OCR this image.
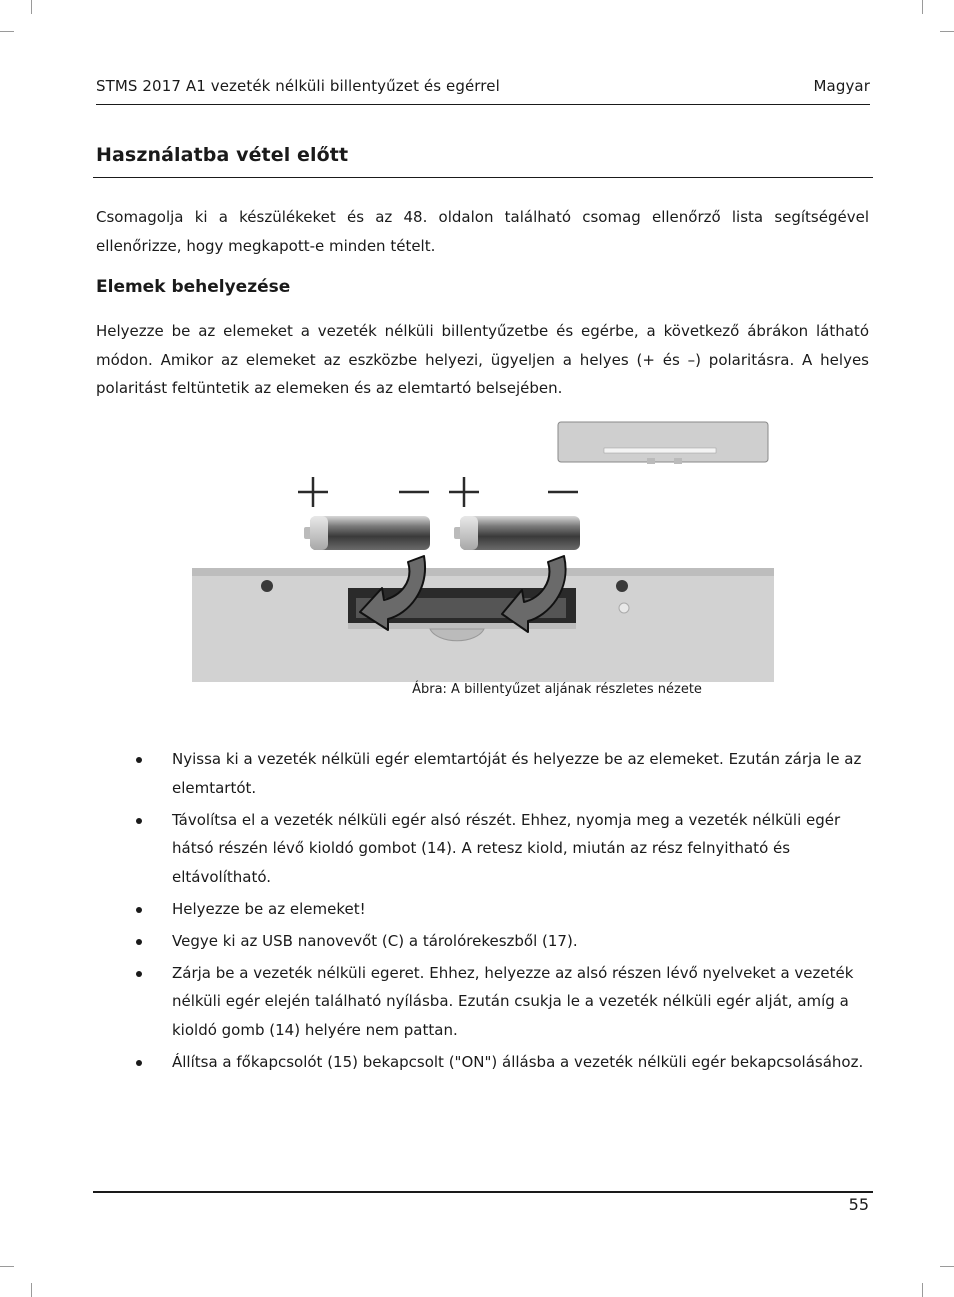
STMS 2017 A1 vezeték nélküli billentyűzet és egérrel	Magyar
Használatba vétel előtt
Csomagolja ki a készülékeket és az 48. oldalon található csomag ellenőrző lista segítségével ellenőrizze, hogy megkapott-e minden tételt.
Elemek behelyezése
Helyezze be az elemeket a vezeték nélküli billentyűzetbe és egérbe, a következő ábrákon látható módon. Amikor az elemeket az eszközbe helyezi, ügyeljen a helyes (+ és –) polaritásra. A helyes polaritást feltüntetik az elemeken és az elemtartó belsejében.
Ábra: A billentyűzet aljának részletes nézete
Nyissa ki a vezeték nélküli egér elemtartóját és helyezze be az elemeket. Ezután zárja le az elemtartót.
Távolítsa el a vezeték nélküli egér alsó részét. Ehhez, nyomja meg a vezeték nélküli egér hátsó részén lévő kioldó gombot (14). A retesz kiold, miután az rész felnyitható és eltávolítható.
Helyezze be az elemeket!
Vegye ki az USB nanovevőt (C) a tárolórekeszből (17).
Zárja be a vezeték nélküli egeret. Ehhez, helyezze az alsó részen lévő nyelveket a vezeték nélküli egér elején található nyílásba. Ezután csukja le a vezeték nélküli egér alját, amíg a kioldó gomb (14) helyére nem pattan.
Állítsa a főkapcsolót (15) bekapcsolt ("ON") állásba a vezeték nélküli egér bekapcsolásához.
55
